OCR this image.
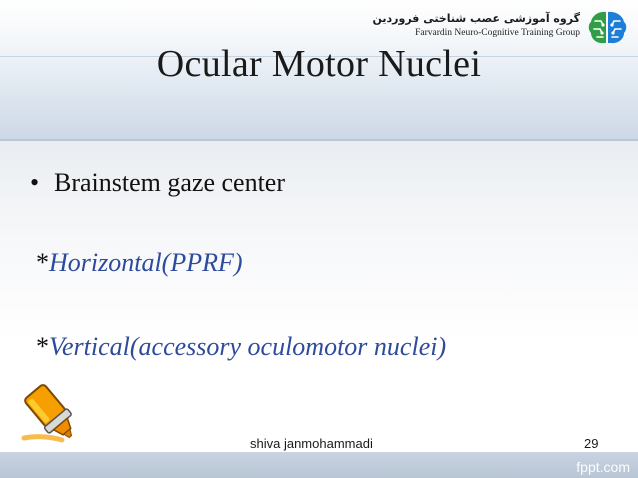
گروه آموزشی عصب شناختی فروردین
Farvardin Neuro-Cognitive Training Group
Ocular Motor Nuclei
• Brainstem gaze center
*Horizontal(PPRF)
*Vertical(accessory oculomotor nuclei)
shiva janmohammadi	29
fppt.com
